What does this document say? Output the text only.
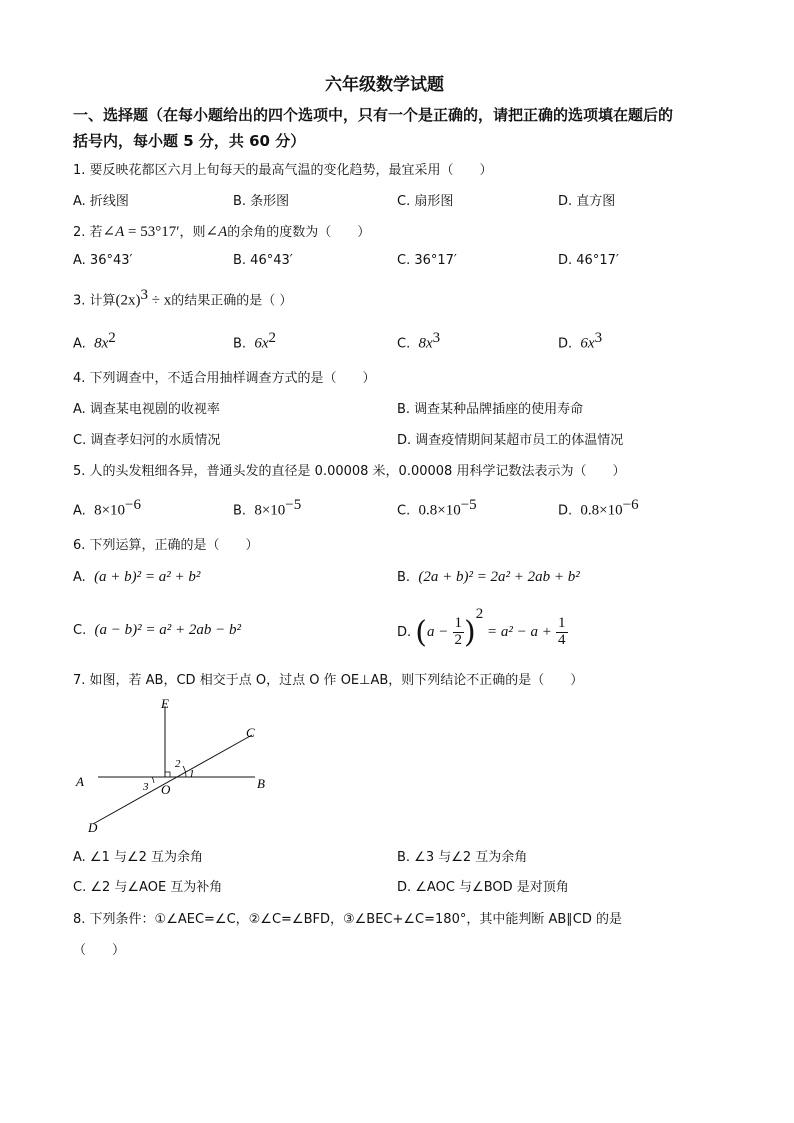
六年级数学试题
一、选择题（在每小题给出的四个选项中，只有一个是正确的，请把正确的选项填在题后的
括号内，每小题 5 分，共 60 分）
1. 要反映花都区六月上旬每天的最高气温的变化趋势，最宜采用（　　）
A. 折线图	B. 条形图	C. 扇形图	D. 直方图
2. 若∠A = 53°17′，则∠A的余角的度数为（　　）
A. 36°43′	B. 46°43′	C. 36°17′	D. 46°17′
3. 计算$(2x)^3 \div x$的结果正确的是（ ）
A. $8x^2$	B. $6x^2$	C. $8x^3$	D. $6x^3$
4. 下列调查中，不适合用抽样调查方式的是（　　）
A. 调查某电视剧的收视率	B. 调查某种品牌插座的使用寿命
C. 调查孝妇河的水质情况	D. 调查疫情期间某超市员工的体温情况
5. 人的头发粗细各异，普通头发的直径是 0.00008 米，0.00008 用科学记数法表示为（　　）
A. $8\times 10^{-6}$	B. $8\times 10^{-5}$	C. $0.8\times 10^{-5}$	D. $0.8\times 10^{-6}$
6. 下列运算，正确的是（　　）
A. (a + b)² = a² + b²	B. (2a + b)² = 2a² + 2ab + b²
C. (a − b)² = a² + 2ab − b²	D. $(a - \frac{1}{2} )^2 = a^2 - a + \frac{1}{4}$
7. 如图，若 AB，CD 相交于点 O，过点 O 作 OE⊥AB，则下列结论不正确的是（　　）
E
C
A	B
D
O
1
2
3
A. ∠1 与∠2 互为余角	B. ∠3 与∠2 互为余角
C. ∠2 与∠AOE 互为补角	D. ∠AOC 与∠BOD 是对顶角
8. 下列条件：①∠AEC=∠C，②∠C=∠BFD，③∠BEC+∠C=180°，其中能判断 AB∥CD 的是
（　　）
